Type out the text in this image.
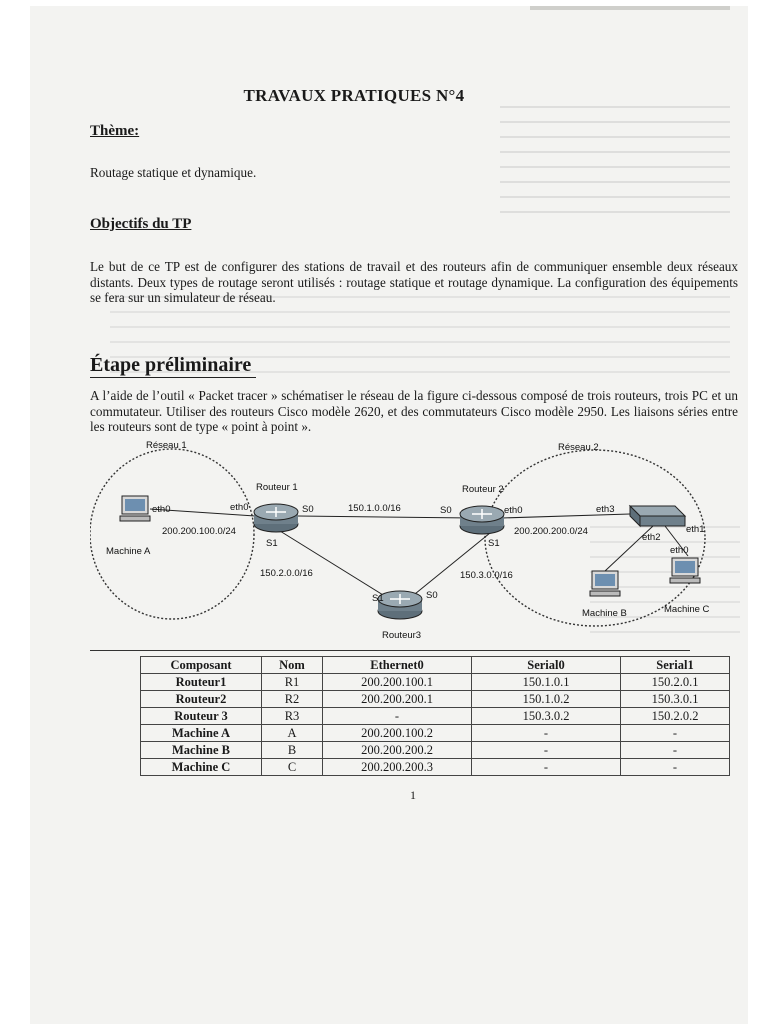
TRAVAUX PRATIQUES N°4
Thème:
Routage statique et dynamique.
Objectifs du TP
Le but de ce TP est de configurer des stations de travail et des routeurs afin de communiquer ensemble deux réseaux distants. Deux types de routage seront utilisés : routage statique et routage dynamique. La configuration des équipements se fera sur un simulateur de réseau.
Étape préliminaire
A l’aide de l’outil « Packet tracer » schématiser le réseau de la figure ci-dessous composé de trois routeurs, trois PC et un commutateur. Utiliser des routeurs Cisco modèle 2620, et des commutateurs Cisco modèle 2950. Les liaisons séries entre les routeurs sont de type « point à point ».
Réseau 1	Réseau 2
Routeur 1	Routeur 2
Routeur3
Machine A
Machine B	Machine C
150.1.0.0/16
150.2.0.0/16	150.3.0.0/16
200.200.100.0/24	200.200.200.0/24
eth0	eth0	S0
S1
S0	eth0
S1
eth3
eth1
eth2
eth0
S1	S0
Composant	Nom	Ethernet0	Serial0	Serial1
Routeur1	R1	200.200.100.1	150.1.0.1	150.2.0.1
Routeur2	R2	200.200.200.1	150.1.0.2	150.3.0.1
Routeur 3	R3	-	150.3.0.2	150.2.0.2
Machine A	A	200.200.100.2	-	-
Machine B	B	200.200.200.2	-	-
Machine C	C	200.200.200.3	-	-
1
